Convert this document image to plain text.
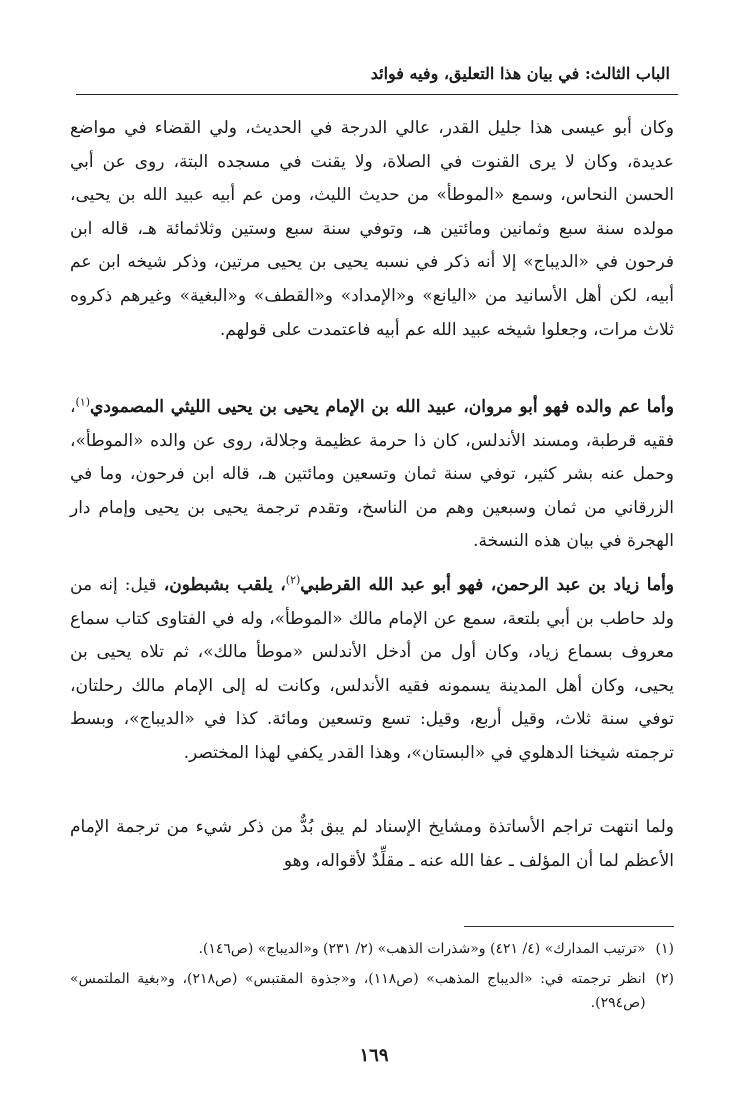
الباب الثالث: في بيان هذا التعليق، وفيه فوائد

وكان أبو عيسى هذا جليل القدر، عالي الدرجة في الحديث، ولي القضاء في مواضع عديدة، وكان لا يرى القنوت في الصلاة، ولا يقنت في مسجده البتة، روى عن أبي الحسن النحاس، وسمع «الموطأ» من حديث الليث، ومن عم أبيه عبيد الله بن يحيى، مولده سنة سبع وثمانين ومائتين هـ، وتوفي سنة سبع وستين وثلاثمائة هـ، قاله ابن فرحون في «الديباج» إلا أنه ذكر في نسبه يحيى بن يحيى مرتين، وذكر شيخه ابن عم أبيه، لكن أهل الأسانيد من «اليانع» و«الإمداد» و«القطف» و«البغية» وغيرهم ذكروه ثلاث مرات، وجعلوا شيخه عبيد الله عم أبيه فاعتمدت على قولهم.

وأما عم والده فهو أبو مروان، عبيد الله بن الإمام يحيى بن يحيى الليثي المصمودي$^{(١)}$، فقيه قرطبة، ومسند الأندلس، كان ذا حرمة عظيمة وجلالة، روى عن والده «الموطأ»، وحمل عنه بشر كثير، توفي سنة ثمان وتسعين ومائتين هـ، قاله ابن فرحون، وما في الزرقاني من ثمان وسبعين وهم من الناسخ، وتقدم ترجمة يحيى بن يحيى وإمام دار الهجرة في بيان هذه النسخة.

وأما زياد بن عبد الرحمن، فهو أبو عبد الله القرطبي$^{(٢)}$، يلقب بشبطون، قيل: إنه من ولد حاطب بن أبي بلتعة، سمع عن الإمام مالك «الموطأ»، وله في الفتاوى كتاب سماع معروف بسماع زياد، وكان أول من أدخل الأندلس «موطأ مالك»، ثم تلاه يحيى بن يحيى، وكان أهل المدينة يسمونه فقيه الأندلس، وكانت له إلى الإمام مالك رحلتان، توفي سنة ثلاث، وقيل أربع، وقيل: تسع وتسعين ومائة. كذا في «الديباج»، وبسط ترجمته شيخنا الدهلوي في «البستان»، وهذا القدر يكفي لهذا المختصر.

ولما انتهت تراجم الأساتذة ومشايخ الإسناد لم يبق بُدٌّ من ذكر شيء من ترجمة الإمام الأعظم لما أن المؤلف ـ عفا الله عنه ـ مقلِّدٌ لأقواله، وهو

(١)
«ترتيب المدارك» (٤/ ٤٢١) و«شذرات الذهب» (٢/ ٢٣١) و«الديباج» (ص١٤٦).
(٢)
انظر ترجمته في: «الديباج المذهب» (ص١١٨)، و«جذوة المقتبس» (ص٢١٨)، و«بغية الملتمس» (ص٢٩٤).
١٦٩
